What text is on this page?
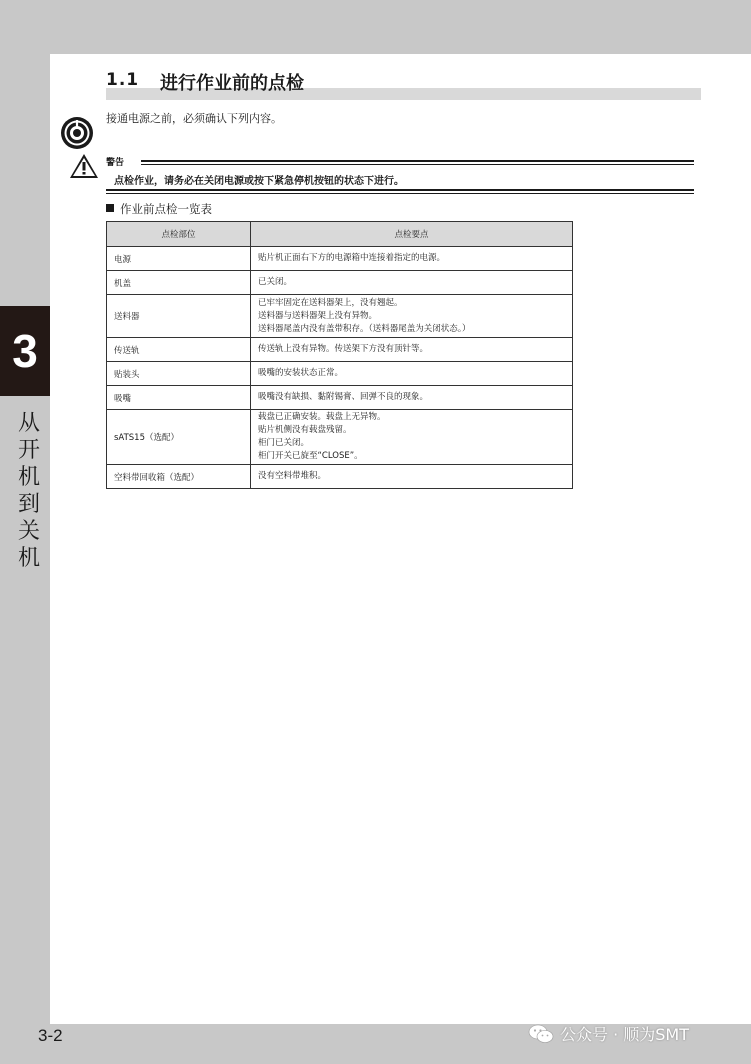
3
从开机到关机
3-2
1.1 进行作业前的点检
接通电源之前，必须确认下列内容。
警告
点检作业，请务必在关闭电源或按下紧急停机按钮的状态下进行。
作业前点检一览表
点检部位	点检要点
电源	贴片机正面右下方的电源箱中连接着指定的电源。

机盖	已关闭。

送料器	已牢牢固定在送料器架上，没有翘起。
送料器与送料器架上没有异物。
送料器尾盖内没有盖带积存。（送料器尾盖为关闭状态。）

传送轨	传送轨上没有异物。传送架下方没有顶针等。

贴装头	吸嘴的安装状态正常。

吸嘴	吸嘴没有缺损、黏附锡膏、回弹不良的现象。

sATS15（选配）	载盘已正确安装。载盘上无异物。
贴片机侧没有载盘残留。
柜门已关闭。
柜门开关已旋至“CLOSE”。

空料带回收箱（选配）	没有空料带堆积。
公众号 · 顺为SMT
